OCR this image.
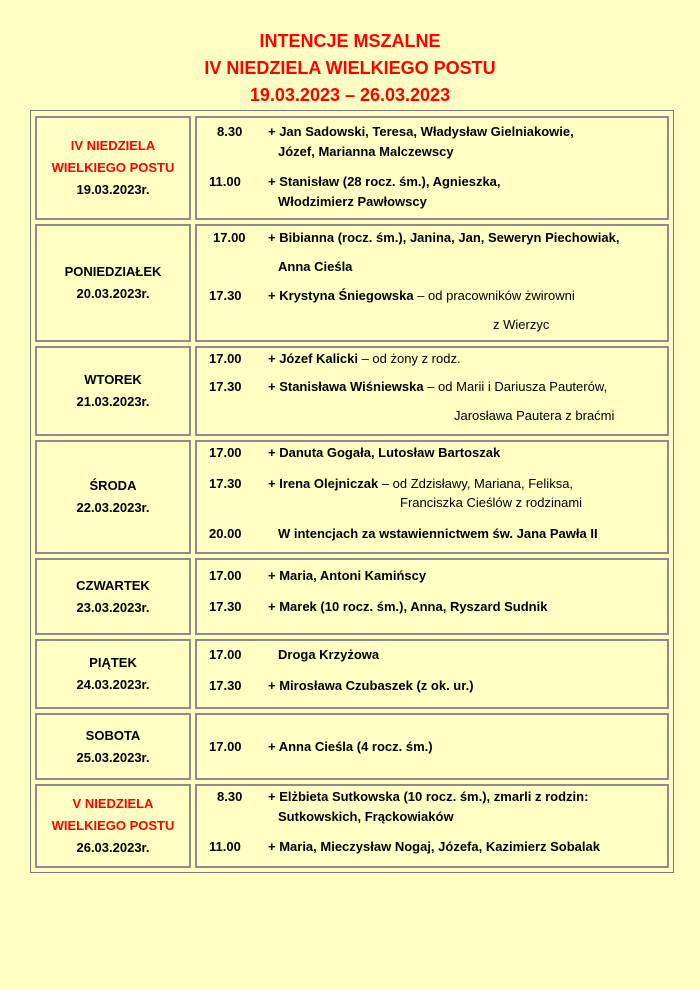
INTENCJE MSZALNE
IV NIEDZIELA WIELKIEGO POSTU
19.03.2023 – 26.03.2023
IV NIEDZIELA
WIELKIEGO POSTU
19.03.2023r.
8.30 + Jan Sadowski, Teresa, Władysław Gielniakowie,
Józef, Marianna Malczewscy
11.00 + Stanisław (28 rocz. śm.), Agnieszka,
Włodzimierz Pawłowscy
PONIEDZIAŁEK
20.03.2023r.
17.00 + Bibianna (rocz. śm.), Janina, Jan, Seweryn Piechowiak,
Anna Cieśla
17.30 + Krystyna Śniegowska – od pracowników żwirowni
z Wierzyc
WTOREK
21.03.2023r.
17.00 + Józef Kalicki – od żony z rodz.
17.30 + Stanisława Wiśniewska – od Marii i Dariusza Pauterów,
Jarosława Pautera z braćmi
ŚRODA
22.03.2023r.
17.00 + Danuta Gogała, Lutosław Bartoszak
17.30 + Irena Olejniczak – od Zdzisławy, Mariana, Feliksa,
Franciszka Cieślów z rodzinami
20.00	W intencjach za wstawiennictwem św. Jana Pawła II
CZWARTEK
23.03.2023r.
17.00 + Maria, Antoni Kamińscy
17.30 + Marek (10 rocz. śm.), Anna, Ryszard Sudnik
PIĄTEK
24.03.2023r.
17.00	Droga Krzyżowa
17.30 + Mirosława Czubaszek (z ok. ur.)
SOBOTA
25.03.2023r.
17.00 + Anna Cieśla (4 rocz. śm.)
V NIEDZIELA
WIELKIEGO POSTU
26.03.2023r.
8.30 + Elżbieta Sutkowska (10 rocz. śm.), zmarli z rodzin:
Sutkowskich, Frąckowiaków
11.00 + Maria, Mieczysław Nogaj, Józefa, Kazimierz Sobalak
